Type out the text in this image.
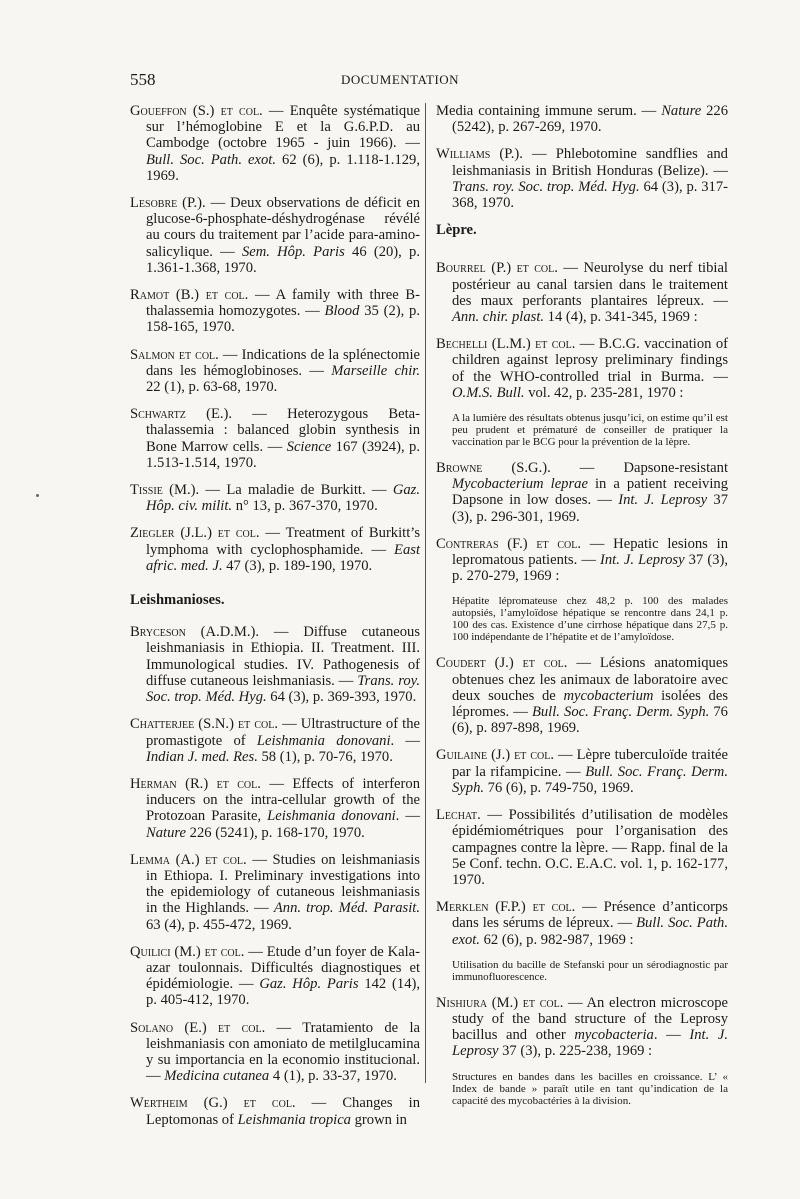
558	DOCUMENTATION
Goueffon (S.) et col. — Enquête systématique sur l’hémoglobine E et la G.6.P.D. au Cambodge (octobre 1965 - juin 1966). — Bull. Soc. Path. exot. 62 (6), p. 1.118-1.129, 1969.
Lesobre (P.). — Deux observations de déficit en glucose-6-phosphate-déshydrogénase révélé au cours du traitement par l’acide para-amino-salicylique. — Sem. Hôp. Paris 46 (20), p. 1.361-1.368, 1970.
Ramot (B.) et col. — A family with three B-thalassemia homozygotes. — Blood 35 (2), p. 158-165, 1970.
Salmon et col. — Indications de la splénectomie dans les hémoglobinoses. — Marseille chir. 22 (1), p. 63-68, 1970.
Schwartz (E.). — Heterozygous Beta-thalassemia : balanced globin synthesis in Bone Marrow cells. — Science 167 (3924), p. 1.513-1.514, 1970.
Tissie (M.). — La maladie de Burkitt. — Gaz. Hôp. civ. milit. n° 13, p. 367-370, 1970.
Ziegler (J.L.) et col. — Treatment of Burkitt’s lymphoma with cyclophosphamide. — East afric. med. J. 47 (3), p. 189-190, 1970.
Leishmanioses.
Bryceson (A.D.M.). — Diffuse cutaneous leishmaniasis in Ethiopia. II. Treatment. III. Immunological studies. IV. Pathogenesis of diffuse cutaneous leishmaniasis. — Trans. roy. Soc. trop. Méd. Hyg. 64 (3), p. 369-393, 1970.
Chatterjee (S.N.) et col. — Ultrastructure of the promastigote of Leishmania donovani. — Indian J. med. Res. 58 (1), p. 70-76, 1970.
Herman (R.) et col. — Effects of interferon inducers on the intra-cellular growth of the Protozoan Parasite, Leishmania donovani. — Nature 226 (5241), p. 168-170, 1970.
Lemma (A.) et col. — Studies on leishmaniasis in Ethiopa. I. Preliminary investigations into the epidemiology of cutaneous leishmaniasis in the Highlands. — Ann. trop. Méd. Parasit. 63 (4), p. 455-472, 1969.
Quilici (M.) et col. — Etude d’un foyer de Kala-azar toulonnais. Difficultés diagnostiques et épidémiologie. — Gaz. Hôp. Paris 142 (14), p. 405-412, 1970.
Solano (E.) et col. — Tratamiento de la leishmaniasis con amoniato de metilglucamina y su importancia en la economio institucional. — Medicina cutanea 4 (1), p. 33-37, 1970.
Wertheim (G.) et col. — Changes in Leptomonas of Leishmania tropica grown in
Media containing immune serum. — Nature 226 (5242), p. 267-269, 1970.
Williams (P.). — Phlebotomine sandflies and leishmaniasis in British Honduras (Belize). — Trans. roy. Soc. trop. Méd. Hyg. 64 (3), p. 317-368, 1970.
Lèpre.
Bourrel (P.) et col. — Neurolyse du nerf tibial postérieur au canal tarsien dans le traitement des maux perforants plantaires lépreux. — Ann. chir. plast. 14 (4), p. 341-345, 1969 :
Bechelli (L.M.) et col. — B.C.G. vaccination of children against leprosy preliminary findings of the WHO-controlled trial in Burma. — O.M.S. Bull. vol. 42, p. 235-281, 1970 :
A la lumière des résultats obtenus jusqu’ici, on estime qu’il est peu prudent et prématuré de conseiller de pratiquer la vaccination par le BCG pour la prévention de la lèpre.
Browne (S.G.). — Dapsone-resistant Mycobacterium leprae in a patient receiving Dapsone in low doses. — Int. J. Leprosy 37 (3), p. 296-301, 1969.
Contreras (F.) et col. — Hepatic lesions in lepromatous patients. — Int. J. Leprosy 37 (3), p. 270-279, 1969 :
Hépatite lépromateuse chez 48,2 p. 100 des malades autopsiés, l’amyloïdose hépatique se rencontre dans 24,1 p. 100 des cas. Existence d’une cirrhose hépatique dans 27,5 p. 100 indépendante de l’hépatite et de l’amyloïdose.
Coudert (J.) et col. — Lésions anatomiques obtenues chez les animaux de laboratoire avec deux souches de mycobacterium isolées des lépromes. — Bull. Soc. Franç. Derm. Syph. 76 (6), p. 897-898, 1969.
Guilaine (J.) et col. — Lèpre tuberculoïde traitée par la rifampicine. — Bull. Soc. Franç. Derm. Syph. 76 (6), p. 749-750, 1969.
Lechat. — Possibilités d’utilisation de modèles épidémiométriques pour l’organisation des campagnes contre la lèpre. — Rapp. final de la 5e Conf. techn. O.C. E.A.C. vol. 1, p. 162-177, 1970.
Merklen (F.P.) et col. — Présence d’anticorps dans les sérums de lépreux. — Bull. Soc. Path. exot. 62 (6), p. 982-987, 1969 :
Utilisation du bacille de Stefanski pour un sérodiagnostic par immunofluorescence.
Nishiura (M.) et col. — An electron microscope study of the band structure of the Leprosy bacillus and other mycobacteria. — Int. J. Leprosy 37 (3), p. 225-238, 1969 :
Structures en bandes dans les bacilles en croissance. L’ « Index de bande » paraît utile en tant qu’indication de la capacité des mycobactéries à la division.
